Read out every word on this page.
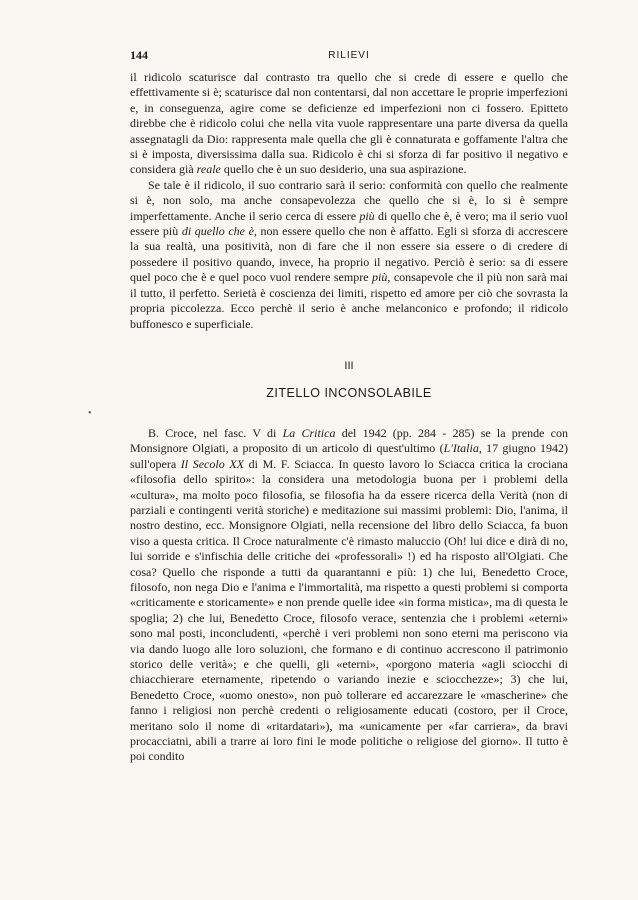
144	RILIEVI

il ridicolo scaturisce dal contrasto tra quello che si crede di essere e quello che effettivamente si è; scaturisce dal non contentarsi, dal non accettare le proprie imperfezioni e, in conseguenza, agire come se deficienze ed imperfezioni non ci fossero. Epitteto direbbe che è ridicolo colui che nella vita vuole rappresentare una parte diversa da quella assegnatagli da Dio: rappresenta male quella che gli è connaturata e goffamente l'altra che si è imposta, diversissima dalla sua. Ridicolo è chi si sforza di far positivo il negativo e considera già reale quello che è un suo desiderio, una sua aspirazione.

Se tale è il ridicolo, il suo contrario sarà il serio: conformità con quello che realmente si è, non solo, ma anche consapevolezza che quello che si è, lo si è sempre imperfettamente. Anche il serio cerca di essere più di quello che è, è vero; ma il serio vuol essere più di quello che è, non essere quello che non è affatto. Egli si sforza di accrescere la sua realtà, una positività, non di fare che il non essere sia essere o di credere di possedere il positivo quando, invece, ha proprio il negativo. Perciò è serio: sa di essere quel poco che è e quel poco vuol rendere sempre più, consapevole che il più non sarà mai il tutto, il perfetto. Serietà è coscienza dei limiti, rispetto ed amore per ciò che sovrasta la propria piccolezza. Ecco perchè il serio è anche melanconico e profondo; il ridicolo buffonesco e superficiale.

III
ZITELLO INCONSOLABILE

B. Croce, nel fasc. V di La Critica del 1942 (pp. 284 - 285) se la prende con Monsignore Olgiati, a proposito di un articolo di quest'ultimo (L'Italia, 17 giugno 1942) sull'opera Il Secolo XX di M. F. Sciacca. In questo lavoro lo Sciacca critica la crociana «filosofia dello spirito»: la considera una metodologia buona per i problemi della «cultura», ma molto poco filosofia, se filosofia ha da essere ricerca della Verità (non di parziali e contingenti verità storiche) e meditazione sui massimi problemi: Dio, l'anima, il nostro destino, ecc. Monsignore Olgiati, nella recensione del libro dello Sciacca, fa buon viso a questa critica. Il Croce naturalmente c'è rimasto maluccio (Oh! lui dice e dirà di no, lui sorride e s'infischia delle critiche dei «professorali» !) ed ha risposto all'Olgiati. Che cosa? Quello che risponde a tutti da quarantanni e più: 1) che lui, Benedetto Croce, filosofo, non nega Dio e l'anima e l'immortalità, ma rispetto a questi problemi si comporta «criticamente e storicamente» e non prende quelle idee «in forma mistica», ma di questa le spoglia; 2) che lui, Benedetto Croce, filosofo verace, sentenzia che i problemi «eterni» sono mal posti, inconcludenti, «perchè i veri problemi non sono eterni ma periscono via via dando luogo alle loro soluzioni, che formano e di continuo accrescono il patrimonio storico delle verità»; e che quelli, gli «eterni», «porgono materia «agli sciocchi di chiacchierare eternamente, ripetendo o variando inezie e sciocchezze»; 3) che lui, Benedetto Croce, «uomo onesto», non può tollerare ed accarezzare le «mascherine» che fanno i religiosi non perchè credenti o religiosamente educati (costoro, per il Croce, meritano solo il nome di «ritardatari»), ma «unicamente per «far carriera», da bravi procacciatni, abili a trarre ai loro fini le mode politiche o religiose del giorno». Il tutto è poi condito

•
